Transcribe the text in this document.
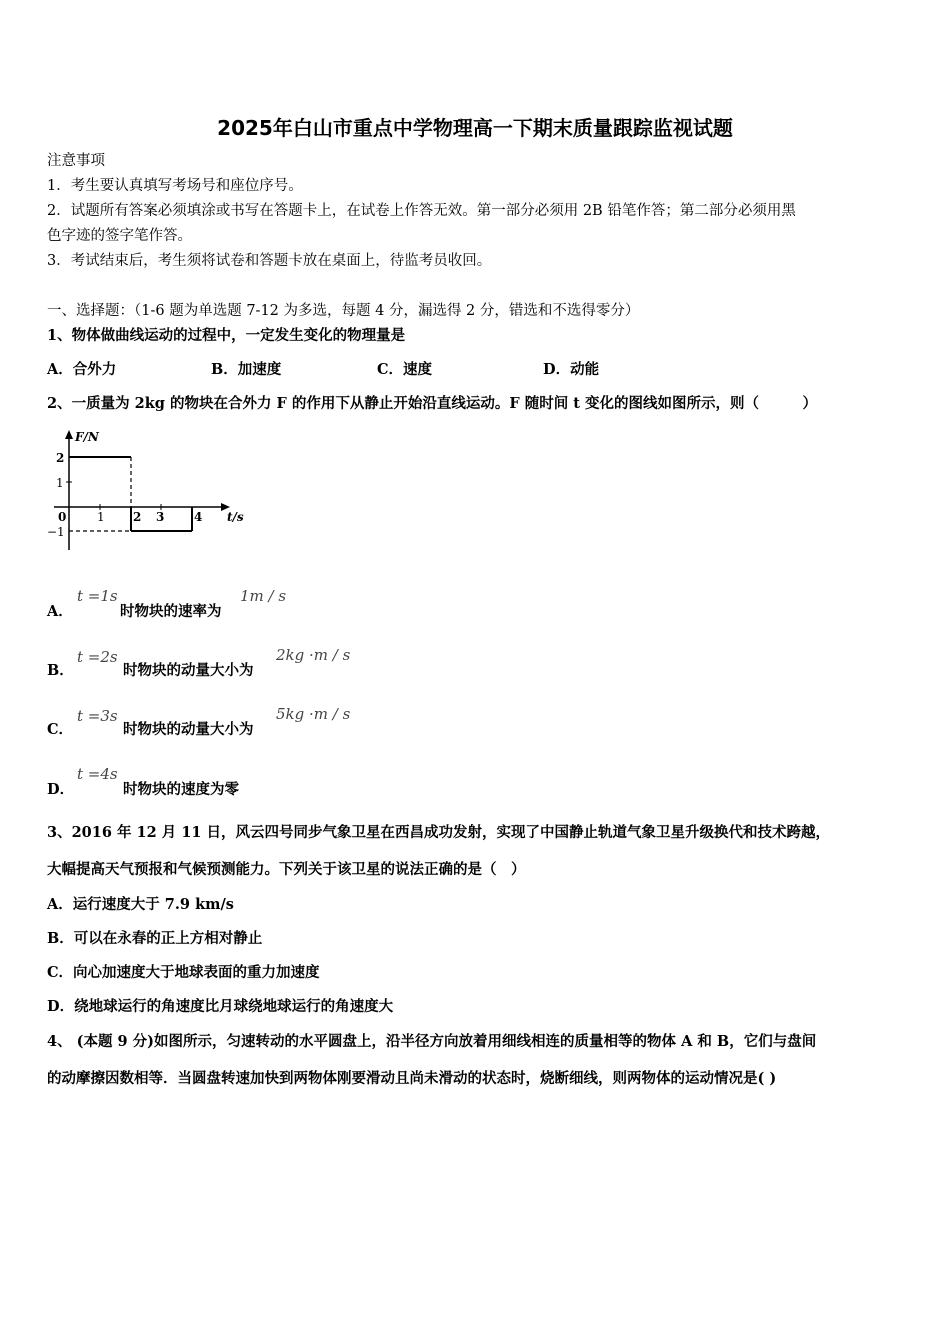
2025年白山市重点中学物理高一下期末质量跟踪监视试题
注意事项
1．考生要认真填写考场号和座位序号。
2．试题所有答案必须填涂或书写在答题卡上，在试卷上作答无效。第一部分必须用 2B 铅笔作答；第二部分必须用黑
色字迹的签字笔作答。
3．考试结束后，考生须将试卷和答题卡放在桌面上，待监考员收回。
一、选择题：（1-6 题为单选题 7-12 为多选，每题 4 分，漏选得 2 分，错选和不选得零分）
1、物体做曲线运动的过程中，一定发生变化的物理量是
A．合外力	B．加速度	C．速度	D．动能
2、一质量为 2kg 的物块在合外力 F 的作用下从静止开始沿直线运动。F 随时间 t 变化的图线如图所示，则（　　　）
F/N
t/s
2
1
0
−1
1 2 3 4
A．
t =1s
时物块的速率为
1m / s
B．
t =2s
时物块的动量大小为
2kg ·m / s
C．
t =3s
时物块的动量大小为
5kg ·m / s
D．
t =4s
时物块的速度为零
3、2016 年 12 月 11 日，风云四号同步气象卫星在西昌成功发射，实现了中国静止轨道气象卫星升级换代和技术跨越，
大幅提高天气预报和气候预测能力。下列关于该卫星的说法正确的是（　）
A．运行速度大于 7.9 km/s
B．可以在永春的正上方相对静止
C．向心加速度大于地球表面的重力加速度
D．绕地球运行的角速度比月球绕地球运行的角速度大
4、 (本题 9 分)如图所示，匀速转动的水平圆盘上，沿半径方向放着用细线相连的质量相等的物体 A 和 B，它们与盘间
的动摩擦因数相等．当圆盘转速加快到两物体刚要滑动且尚未滑动的状态时，烧断细线，则两物体的运动情况是( )
